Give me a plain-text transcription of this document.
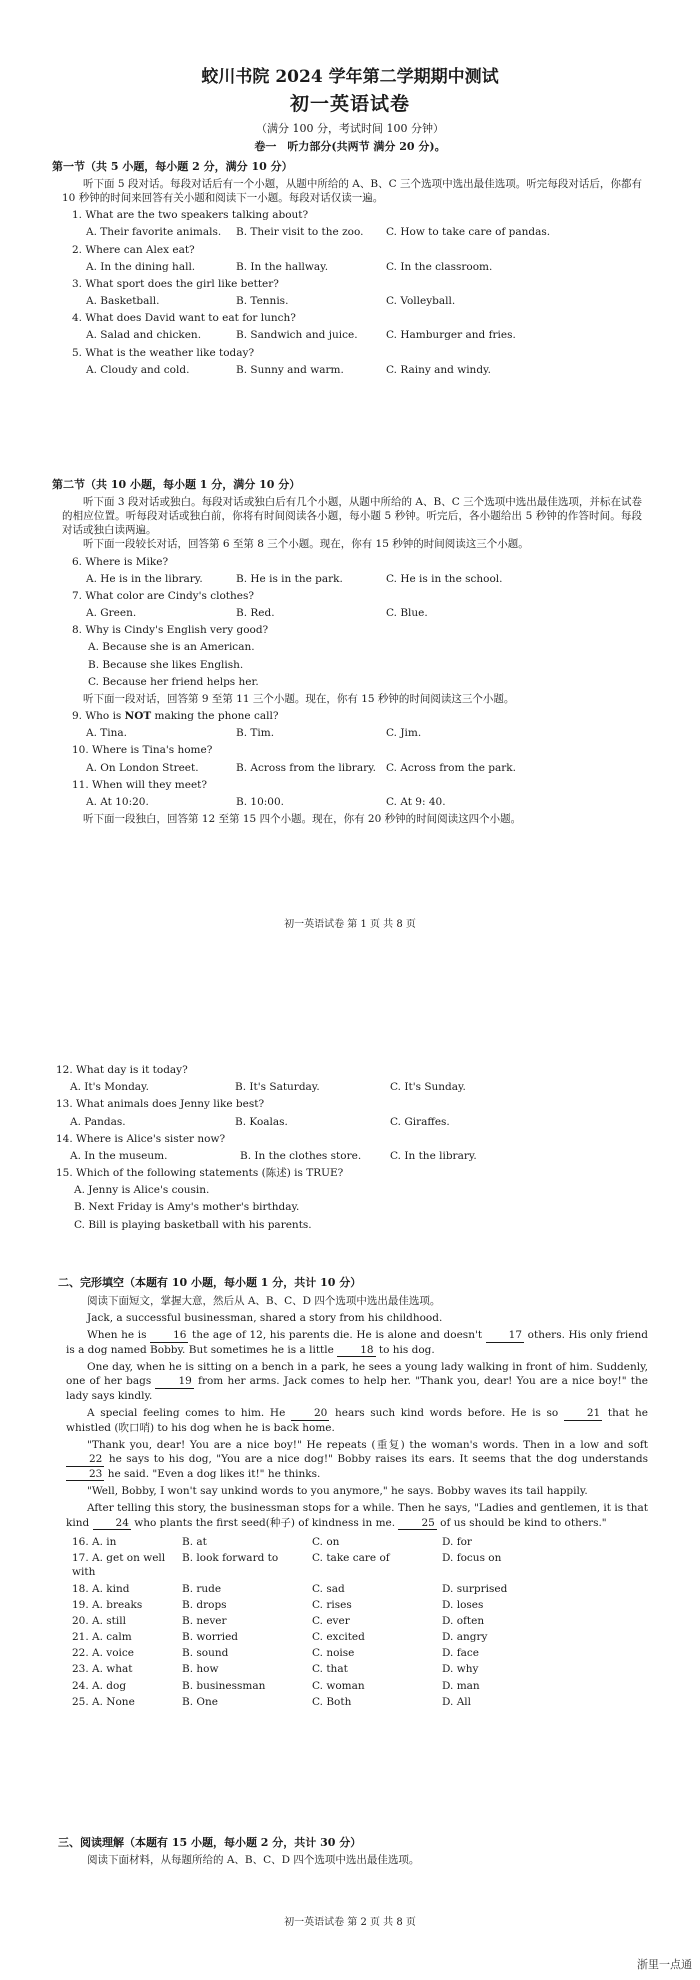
蛟川书院 2024 学年第二学期期中测试
初一英语试卷
（满分 100 分，考试时间 100 分钟）
卷一　听力部分(共两节 满分 20 分)。
第一节（共 5 小题，每小题 2 分，满分 10 分）

听下面 5 段对话。每段对话后有一个小题，从题中所给的 A、B、C 三个选项中选出最佳选项。听完每段对话后，你都有 10 秒钟的时间来回答有关小题和阅读下一小题。每段对话仅读一遍。

1. What are the two speakers talking about?
A. Their favorite animals.	B. Their visit to the zoo.	C. How to take care of pandas.
2. Where can Alex eat?
A. In the dining hall.	B. In the hallway.	C. In the classroom.
3. What sport does the girl like better?
A. Basketball.	B. Tennis.	C. Volleyball.
4. What does David want to eat for lunch?
A. Salad and chicken.	B. Sandwich and juice.	C. Hamburger and fries.
5. What is the weather like today?
A. Cloudy and cold.	B. Sunny and warm.	C. Rainy and windy.
第二节（共 10 小题，每小题 1 分，满分 10 分）

听下面 3 段对话或独白。每段对话或独白后有几个小题，从题中所给的 A、B、C 三个选项中选出最佳选项，并标在试卷的相应位置。听每段对话或独白前，你将有时间阅读各小题，每小题 5 秒钟。听完后，各小题给出 5 秒钟的作答时间。每段对话或独白读两遍。

听下面一段较长对话，回答第 6 至第 8 三个小题。现在，你有 15 秒钟的时间阅读这三个小题。

6. Where is Mike?
A. He is in the library.	B. He is in the park.	C. He is in the school.
7. What color are Cindy's clothes?
A. Green.	B. Red.	C. Blue.
8. Why is Cindy's English very good?
A. Because she is an American.
B. Because she likes English.
C. Because her friend helps her.

听下面一段对话，回答第 9 至第 11 三个小题。现在，你有 15 秒钟的时间阅读这三个小题。

9. Who is NOT making the phone call?
A. Tina.	B. Tim.	C. Jim.
10. Where is Tina's home?
A. On London Street.	B. Across from the library. C. Across from the park.
11. When will they meet?
A. At 10:20.	B. 10:00.	C. At 9: 40.

听下面一段独白，回答第 12 至第 15 四个小题。现在，你有 20 秒钟的时间阅读这四个小题。

初一英语试卷 第 1 页 共 8 页
12. What day is it today?
A. It's Monday.	B. It's Saturday.	C. It's Sunday.
13. What animals does Jenny like best?
A. Pandas.	B. Koalas.	C. Giraffes.
14. Where is Alice's sister now?
A. In the museum.	B. In the clothes store.	C. In the library.
15. Which of the following statements (陈述) is TRUE?
A. Jenny is Alice's cousin.
B. Next Friday is Amy's mother's birthday.
C. Bill is playing basketball with his parents.
二、完形填空（本题有 10 小题，每小题 1 分，共计 10 分）

阅读下面短文，掌握大意，然后从 A、B、C、D 四个选项中选出最佳选项。

Jack, a successful businessman, shared a story from his childhood.

When he is 16 the age of 12, his parents die. He is alone and doesn't 17 others. His only friend is a dog named Bobby. But sometimes he is a little 18 to his dog.

One day, when he is sitting on a bench in a park, he sees a young lady walking in front of him. Suddenly, one of her bags 19 from her arms. Jack comes to help her. "Thank you, dear! You are a nice boy!" the lady says kindly.

A special feeling comes to him. He 20 hears such kind words before. He is so 21 that he whistled (吹口哨) to his dog when he is back home.

"Thank you, dear! You are a nice boy!" He repeats (重复) the woman's words. Then in a low and soft 22 he says to his dog, "You are a nice dog!" Bobby raises its ears. It seems that the dog understands 23 he said. "Even a dog likes it!" he thinks.

"Well, Bobby, I won't say unkind words to you anymore," he says. Bobby waves its tail happily.

After telling this story, the businessman stops for a while. Then he says, "Ladies and gentlemen, it is that kind 24 who plants the first seed(种子) of kindness in me. 25 of us should be kind to others."

16. A. in	B. at	C. on	D. for
17. A. get on well with	B. look forward to	C. take care of	D. focus on
18. A. kind	B. rude	C. sad	D. surprised
19. A. breaks	B. drops	C. rises	D. loses
20. A. still	B. never	C. ever	D. often
21. A. calm	B. worried	C. excited	D. angry
22. A. voice	B. sound	C. noise	D. face
23. A. what	B. how	C. that	D. why
24. A. dog	B. businessman	C. woman	D. man
25. A. None	B. One	C. Both	D. All
三、阅读理解（本题有 15 小题，每小题 2 分，共计 30 分）

阅读下面材料，从每题所给的 A、B、C、D 四个选项中选出最佳选项。

初一英语试卷 第 2 页 共 8 页
浙里一点通
